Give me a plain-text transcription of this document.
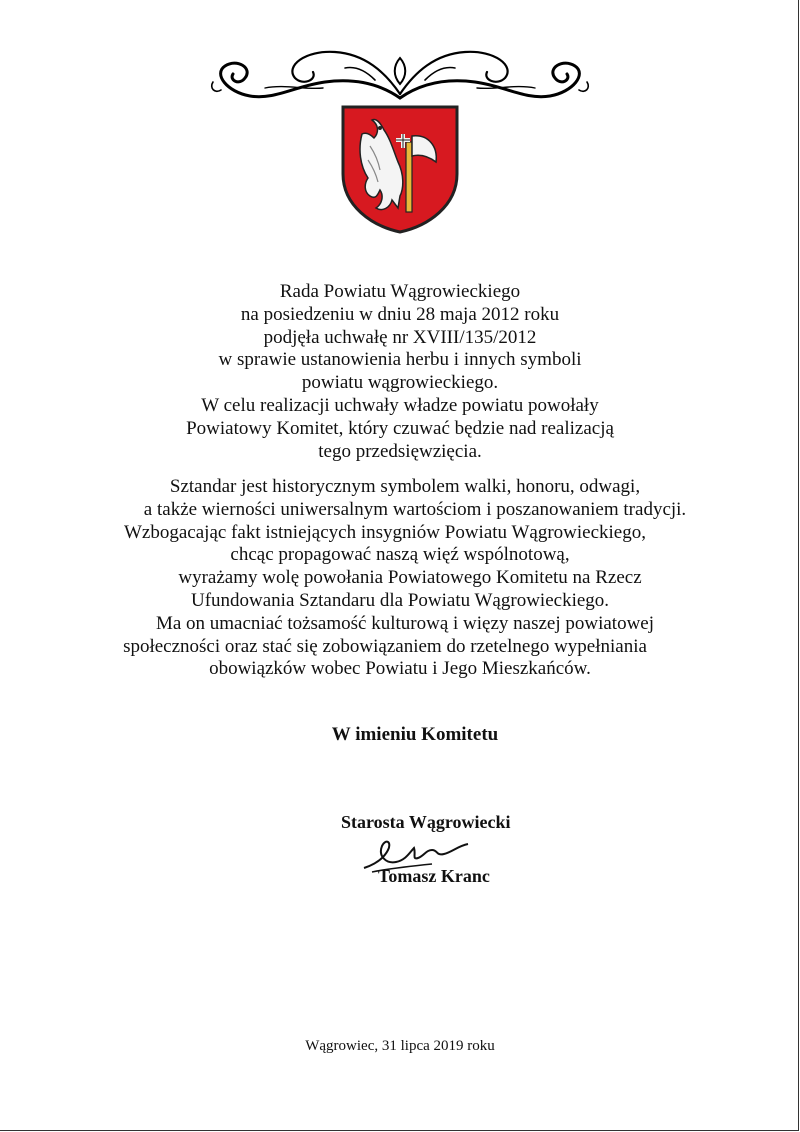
Rada Powiatu Wągrowieckiego
na posiedzeniu w dniu 28 maja 2012 roku
podjęła uchwałę nr XVIII/135/2012
w sprawie ustanowienia herbu i innych symboli
powiatu wągrowieckiego.
W celu realizacji uchwały władze powiatu powołały
Powiatowy Komitet, który czuwać będzie nad realizacją
tego przedsięwzięcia.
Sztandar jest historycznym symbolem walki, honoru, odwagi,
a także wierności uniwersalnym wartościom i poszanowaniem tradycji.
Wzbogacając fakt istniejących insygniów Powiatu Wągrowieckiego,
chcąc propagować naszą więź wspólnotową,
wyrażamy wolę powołania Powiatowego Komitetu na Rzecz
Ufundowania Sztandaru dla Powiatu Wągrowieckiego.
Ma on umacniać tożsamość kulturową i więzy naszej powiatowej
społeczności oraz stać się zobowiązaniem do rzetelnego wypełniania
obowiązków wobec Powiatu i Jego Mieszkańców.
W imieniu Komitetu
Starosta Wągrowiecki
Tomasz Kranc
Wągrowiec, 31 lipca 2019 roku
